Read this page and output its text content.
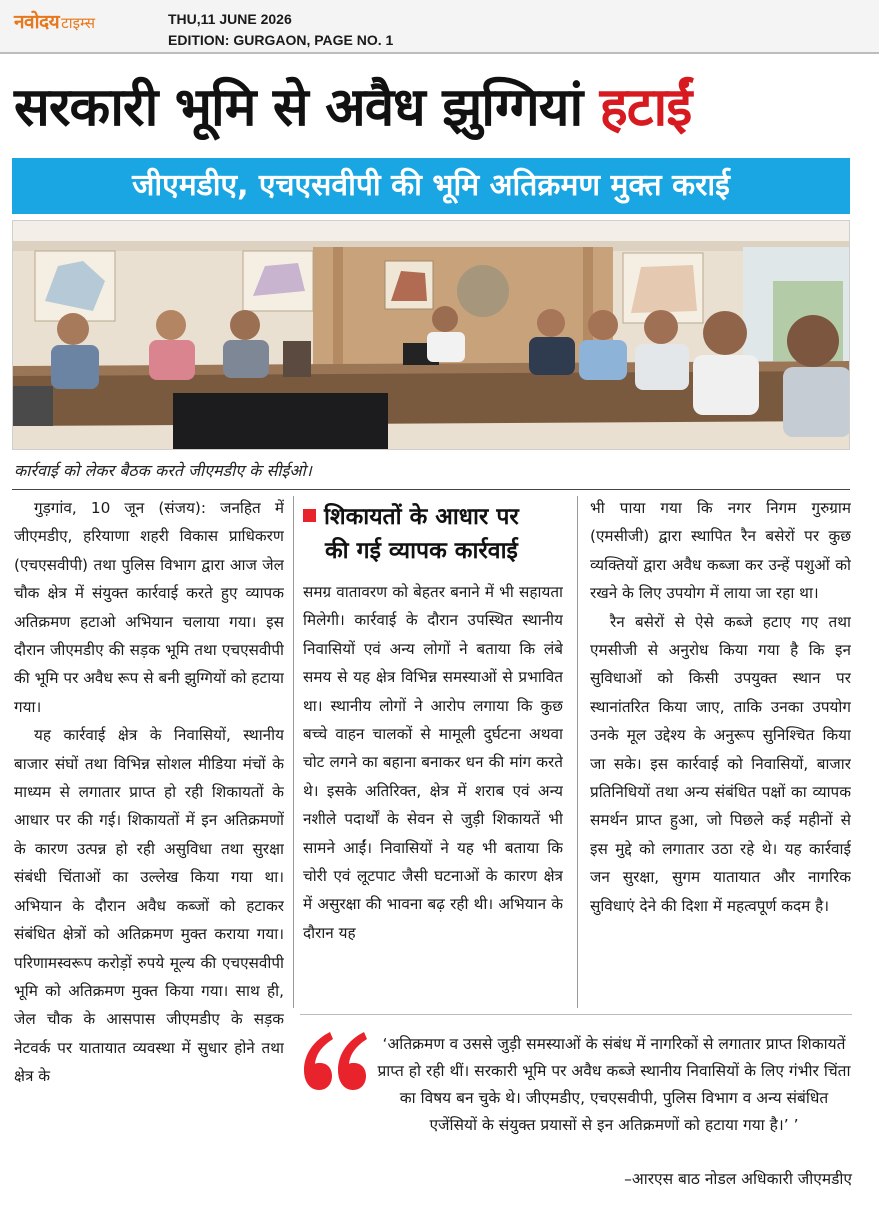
नवोदय टाइम्स	THU,11 JUNE 2026
EDITION: GURGAON, PAGE NO. 1
सरकारी भूमि से अवैध झुग्गियां हटाईं
जीएमडीए, एचएसवीपी की भूमि अतिक्रमण मुक्त कराई
कार्रवाई को लेकर बैठक करते जीएमडीए के सीईओ।

गुड़गांव, 10 जून (संजय): जनहित में जीएमडीए, हरियाणा शहरी विकास प्राधिकरण (एचएसवीपी) तथा पुलिस विभाग द्वारा आज जेल चौक क्षेत्र में संयुक्त कार्रवाई करते हुए व्यापक अतिक्रमण हटाओ अभियान चलाया गया। इस दौरान जीएमडीए की सड़क भूमि तथा एचएसवीपी की भूमि पर अवैध रूप से बनी झुग्गियों को हटाया गया।

यह कार्रवाई क्षेत्र के निवासियों, स्थानीय बाजार संघों तथा विभिन्न सोशल मीडिया मंचों के माध्यम से लगातार प्राप्त हो रही शिकायतों के आधार पर की गई। शिकायतों में इन अतिक्रमणों के कारण उत्पन्न हो रही असुविधा तथा सुरक्षा संबंधी चिंताओं का उल्लेख किया गया था। अभियान के दौरान अवैध कब्जों को हटाकर संबंधित क्षेत्रों को अतिक्रमण मुक्त कराया गया। परिणामस्वरूप करोड़ों रुपये मूल्य की एचएसवीपी भूमि को अतिक्रमण मुक्त किया गया। साथ ही, जेल चौक के आसपास जीएमडीए के सड़क नेटवर्क पर यातायात व्यवस्था में सुधार होने तथा क्षेत्र के

शिकायतों के आधार पर
की गई व्यापक कार्रवाई

समग्र वातावरण को बेहतर बनाने में भी सहायता मिलेगी। कार्रवाई के दौरान उपस्थित स्थानीय निवासियों एवं अन्य लोगों ने बताया कि लंबे समय से यह क्षेत्र विभिन्न समस्याओं से प्रभावित था। स्थानीय लोगों ने आरोप लगाया कि कुछ बच्चे वाहन चालकों से मामूली दुर्घटना अथवा चोट लगने का बहाना बनाकर धन की मांग करते थे। इसके अतिरिक्त, क्षेत्र में शराब एवं अन्य नशीले पदार्थों के सेवन से जुड़ी शिकायतें भी सामने आईं। निवासियों ने यह भी बताया कि चोरी एवं लूटपाट जैसी घटनाओं के कारण क्षेत्र में असुरक्षा की भावना बढ़ रही थी। अभियान के दौरान यह

भी पाया गया कि नगर निगम गुरुग्राम (एमसीजी) द्वारा स्थापित रैन बसेरों पर कुछ व्यक्तियों द्वारा अवैध कब्जा कर उन्हें पशुओं को रखने के लिए उपयोग में लाया जा रहा था।

रैन बसेरों से ऐसे कब्जे हटाए गए तथा एमसीजी से अनुरोध किया गया है कि इन सुविधाओं को किसी उपयुक्त स्थान पर स्थानांतरित किया जाए, ताकि उनका उपयोग उनके मूल उद्देश्य के अनुरूप सुनिश्चित किया जा सके। इस कार्रवाई को निवासियों, बाजार प्रतिनिधियों तथा अन्य संबंधित पक्षों का व्यापक समर्थन प्राप्त हुआ, जो पिछले कई महीनों से इस मुद्दे को लगातार उठा रहे थे। यह कार्रवाई जन सुरक्षा, सुगम यातायात और नागरिक सुविधाएं देने की दिशा में महत्वपूर्ण कदम है।

‘अतिक्रमण व उससे जुड़ी समस्याओं के संबंध में नागरिकों से लगातार प्राप्त शिकायतें प्राप्त हो रही थीं। सरकारी भूमि पर अवैध कब्जे स्थानीय निवासियों के लिए गंभीर चिंता का विषय बन चुके थे। जीएमडीए, एचएसवीपी, पुलिस विभाग व अन्य संबंधित एजेंसियों के संयुक्त प्रयासों से इन अतिक्रमणों को हटाया गया है।’ ’
–आरएस बाठ नोडल अधिकारी जीएमडीए
